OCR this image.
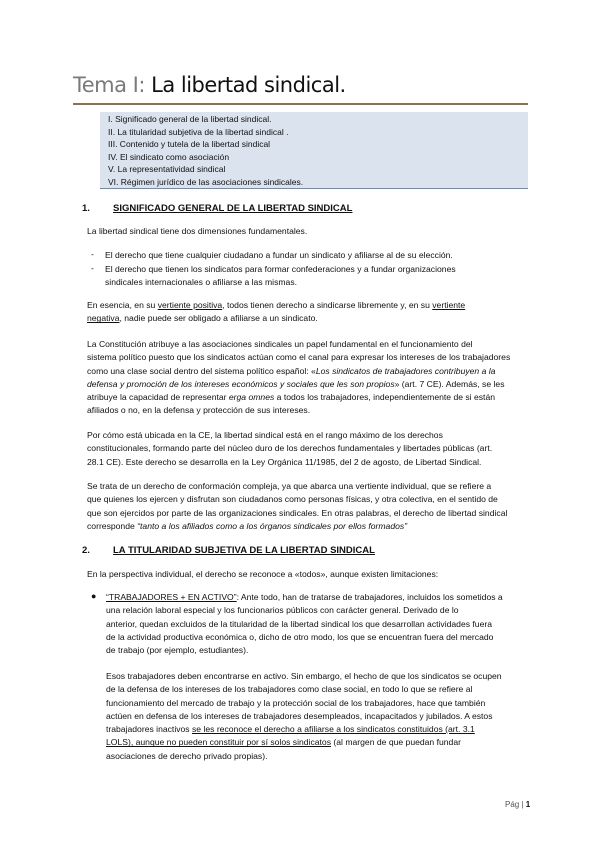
Tema I: La libertad sindical.
I. Significado general de la libertad sindical.
II. La titularidad subjetiva de la libertad sindical .
III. Contenido y tutela de la libertad sindical
IV. El sindicato como asociación
V. La representatividad sindical
VI. Régimen jurídico de las asociaciones sindicales.
1. SIGNIFICADO GENERAL DE LA LIBERTAD SINDICAL
La libertad sindical tiene dos dimensiones fundamentales.
- El derecho que tiene cualquier ciudadano a fundar un sindicato y afiliarse al de su elección.
- El derecho que tienen los sindicatos para formar confederaciones y a fundar organizaciones
sindicales internacionales o afiliarse a las mismas.
En esencia, en su vertiente positiva, todos tienen derecho a sindicarse libremente y, en su vertiente
negativa, nadie puede ser obligado a afiliarse a un sindicato.
La Constitución atribuye a las asociaciones sindicales un papel fundamental en el funcionamiento del
sistema político puesto que los sindicatos actúan como el canal para expresar los intereses de los trabajadores
como una clase social dentro del sistema político español: «Los sindicatos de trabajadores contribuyen a la
defensa y promoción de los intereses económicos y sociales que les son propios» (art. 7 CE). Además, se les
atribuye la capacidad de representar erga omnes a todos los trabajadores, independientemente de si están
afiliados o no, en la defensa y protección de sus intereses.
Por cómo está ubicada en la CE, la libertad sindical está en el rango máximo de los derechos
constitucionales, formando parte del núcleo duro de los derechos fundamentales y libertades públicas (art.
28.1 CE). Este derecho se desarrolla en la Ley Orgánica 11/1985, del 2 de agosto, de Libertad Sindical.
Se trata de un derecho de conformación compleja, ya que abarca una vertiente individual, que se refiere a
que quienes los ejercen y disfrutan son ciudadanos como personas físicas, y otra colectiva, en el sentido de
que son ejercidos por parte de las organizaciones sindicales. En otras palabras, el derecho de libertad sindical
corresponde “tanto a los afiliados como a los órganos sindicales por ellos formados”
2. LA TITULARIDAD SUBJETIVA DE LA LIBERTAD SINDICAL
En la perspectiva individual, el derecho se reconoce a «todos», aunque existen limitaciones:
● “TRABAJADORES + EN ACTIVO”: Ante todo, han de tratarse de trabajadores, incluidos los sometidos a
una relación laboral especial y los funcionarios públicos con carácter general. Derivado de lo
anterior, quedan excluidos de la titularidad de la libertad sindical los que desarrollan actividades fuera
de la actividad productiva económica o, dicho de otro modo, los que se encuentran fuera del mercado
de trabajo (por ejemplo, estudiantes).
Esos trabajadores deben encontrarse en activo. Sin embargo, el hecho de que los sindicatos se ocupen
de la defensa de los intereses de los trabajadores como clase social, en todo lo que se refiere al
funcionamiento del mercado de trabajo y la protección social de los trabajadores, hace que también
actúen en defensa de los intereses de trabajadores desempleados, incapacitados y jubilados. A estos
trabajadores inactivos se les reconoce el derecho a afiliarse a los sindicatos constituidos (art. 3.1
LOLS), aunque no pueden constituir por sí solos sindicatos (al margen de que puedan fundar
asociaciones de derecho privado propias).
Pág | 1
